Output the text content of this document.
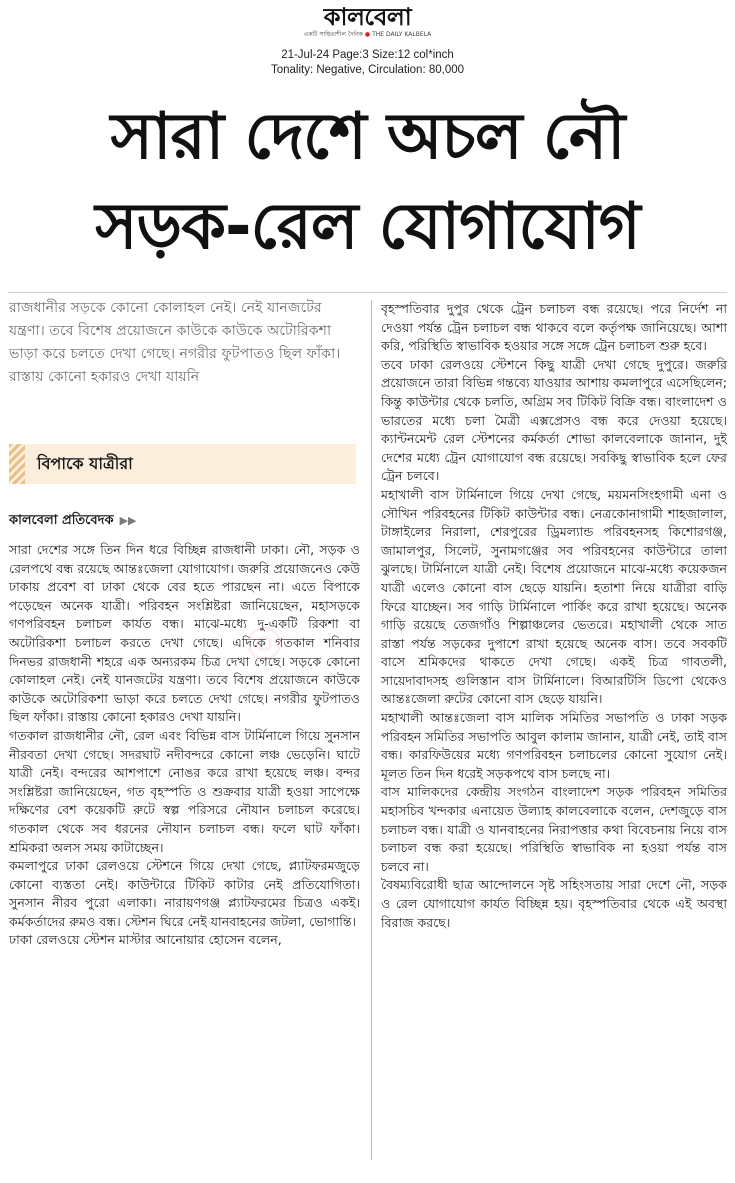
কালবেলা
একটি সাহিত্যশীল দৈনিক ● THE DAILY KALBELA
21-Jul-24 Page:3 Size:12 col*inch
Tonality: Negative, Circulation: 80,000
সারা দেশে অচল নৌ
সড়ক-রেল যোগাযোগ
রাজধানীর সড়কে কোনো কোলাহল নেই। নেই যানজটের যন্ত্রণা। তবে বিশেষ প্রয়োজনে কাউকে কাউকে অটোরিকশা ভাড়া করে চলতে দেখা গেছে। নগরীর ফুটপাতও ছিল ফাঁকা। রাস্তায় কোনো হকারও দেখা যায়নি
বিপাকে যাত্রীরা
কালবেলা প্রতিবেদক ▶▶
◎

সারা দেশের সঙ্গে তিন দিন ধরে বিচ্ছিন্ন রাজধানী ঢাকা। নৌ, সড়ক ও রেলপথে বন্ধ রয়েছে আন্তঃজেলা যোগাযোগ। জরুরি প্রয়োজনেও কেউ ঢাকায় প্রবেশ বা ঢাকা থেকে বের হতে পারছেন না। এতে বিপাকে পড়েছেন অনেক যাত্রী। পরিবহন সংশ্লিষ্টরা জানিয়েছেন, মহাসড়কে গণপরিবহন চলাচল কার্যত বন্ধ। মাঝে-মধ্যে দু-একটি রিকশা বা অটোরিকশা চলাচল করতে দেখা গেছে। এদিকে গতকাল শনিবার দিনভর রাজধানী শহরে এক অন্যরকম চিত্র দেখা গেছে। সড়কে কোনো কোলাহল নেই। নেই যানজটের যন্ত্রণা। তবে বিশেষ প্রয়োজনে কাউকে কাউকে অটোরিকশা ভাড়া করে চলতে দেখা গেছে। নগরীর ফুটপাতও ছিল ফাঁকা। রাস্তায় কোনো হকারও দেখা যায়নি।

গতকাল রাজধানীর নৌ, রেল এবং বিভিন্ন বাস টার্মিনালে গিয়ে সুনসান নীরবতা দেখা গেছে। সদরঘাট নদীবন্দরে কোনো লঞ্চ ভেড়েনি। ঘাটে যাত্রী নেই। বন্দরের আশপাশে নোঙর করে রাখা হয়েছে লঞ্চ। বন্দর সংশ্লিষ্টরা জানিয়েছেন, গত বৃহস্পতি ও শুক্রবার যাত্রী হওয়া সাপেক্ষে দক্ষিণের বেশ কয়েকটি রুটে স্বল্প পরিসরে নৌযান চলাচল করেছে। গতকাল থেকে সব ধরনের নৌযান চলাচল বন্ধ। ফলে ঘাট ফাঁকা। শ্রমিকরা অলস সময় কাটাচ্ছেন।

কমলাপুরে ঢাকা রেলওয়ে স্টেশনে গিয়ে দেখা গেছে, প্ল্যাটফরমজুড়ে কোনো ব্যস্ততা নেই। কাউন্টারে টিকিট কাটার নেই প্রতিযোগিতা। সুনসান নীরব পুরো এলাকা। নারায়ণগঞ্জ প্ল্যাটফরমের চিত্রও একই। কর্মকর্তাদের রুমও বন্ধ। স্টেশন ঘিরে নেই যানবাহনের জটলা, ভোগান্তি।

ঢাকা রেলওয়ে স্টেশন মাস্টার আনোয়ার হোসেন বলেন,

বৃহস্পতিবার দুপুর থেকে ট্রেন চলাচল বন্ধ রয়েছে। পরে নির্দেশ না দেওয়া পর্যন্ত ট্রেন চলাচল বন্ধ থাকবে বলে কর্তৃপক্ষ জানিয়েছে। আশা করি, পরিস্থিতি স্বাভাবিক হওয়ার সঙ্গে সঙ্গে ট্রেন চলাচল শুরু হবে।

তবে ঢাকা রেলওয়ে স্টেশনে কিছু যাত্রী দেখা গেছে দুপুরে। জরুরি প্রয়োজনে তারা বিভিন্ন গন্তব্যে যাওয়ার আশায় কমলাপুরে এসেছিলেন; কিন্তু কাউন্টার থেকে চলতি, অগ্রিম সব টিকিট বিক্রি বন্ধ। বাংলাদেশ ও ভারতের মধ্যে চলা মৈত্রী এক্সপ্রেসও বন্ধ করে দেওয়া হয়েছে। ক্যান্টনমেন্ট রেল স্টেশনের কর্মকর্তা শোভা কালবেলাকে জানান, দুই দেশের মধ্যে ট্রেন যোগাযোগ বন্ধ রয়েছে। সবকিছু স্বাভাবিক হলে ফের ট্রেন চলবে।

মহাখালী বাস টার্মিনালে গিয়ে দেখা গেছে, ময়মনসিংহগামী এনা ও সৌখিন পরিবহনের টিকিট কাউন্টার বন্ধ। নেত্রকোনাগামী শাহজালাল, টাঙ্গাইলের নিরালা, শেরপুরের ড্রিমল্যান্ড পরিবহনসহ কিশোরগঞ্জ, জামালপুর, সিলেট, সুনামগঞ্জের সব পরিবহনের কাউন্টারে তালা ঝুলছে। টার্মিনালে যাত্রী নেই। বিশেষ প্রয়োজনে মাঝে-মধ্যে কয়েকজন যাত্রী এলেও কোনো বাস ছেড়ে যায়নি। হতাশা নিয়ে যাত্রীরা বাড়ি ফিরে যাচ্ছেন। সব গাড়ি টার্মিনালে পার্কিং করে রাখা হয়েছে। অনেক গাড়ি রয়েছে তেজগাঁও শিল্পাঞ্চলের ভেতরে। মহাখালী থেকে সাত রাস্তা পর্যন্ত সড়কের দুপাশে রাখা হয়েছে অনেক বাস। তবে সবকটি বাসে শ্রমিকদের থাকতে দেখা গেছে। একই চিত্র গাবতলী, সায়েদাবাদসহ গুলিস্তান বাস টার্মিনালে। বিআরটিসি ডিপো থেকেও আন্তঃজেলা রুটের কোনো বাস ছেড়ে যায়নি।

মহাখালী আন্তঃজেলা বাস মালিক সমিতির সভাপতি ও ঢাকা সড়ক পরিবহন সমিতির সভাপতি আবুল কালাম জানান, যাত্রী নেই, তাই বাস বন্ধ। কারফিউয়ের মধ্যে গণপরিবহন চলাচলের কোনো সুযোগ নেই। মূলত তিন দিন ধরেই সড়কপথে বাস চলছে না।

বাস মালিকদের কেন্দ্রীয় সংগঠন বাংলাদেশ সড়ক পরিবহন সমিতির মহাসচিব খন্দকার এনায়েত উল্যাহ কালবেলাকে বলেন, দেশজুড়ে বাস চলাচল বন্ধ। যাত্রী ও যানবাহনের নিরাপত্তার কথা বিবেচনায় নিয়ে বাস চলাচল বন্ধ করা হয়েছে। পরিস্থিতি স্বাভাবিক না হওয়া পর্যন্ত বাস চলবে না।

বৈষম্যবিরোধী ছাত্র আন্দোলনে সৃষ্ট সহিংসতায় সারা দেশে নৌ, সড়ক ও রেল যোগাযোগ কার্যত বিচ্ছিন্ন হয়। বৃহস্পতিবার থেকে এই অবস্থা বিরাজ করছে।
